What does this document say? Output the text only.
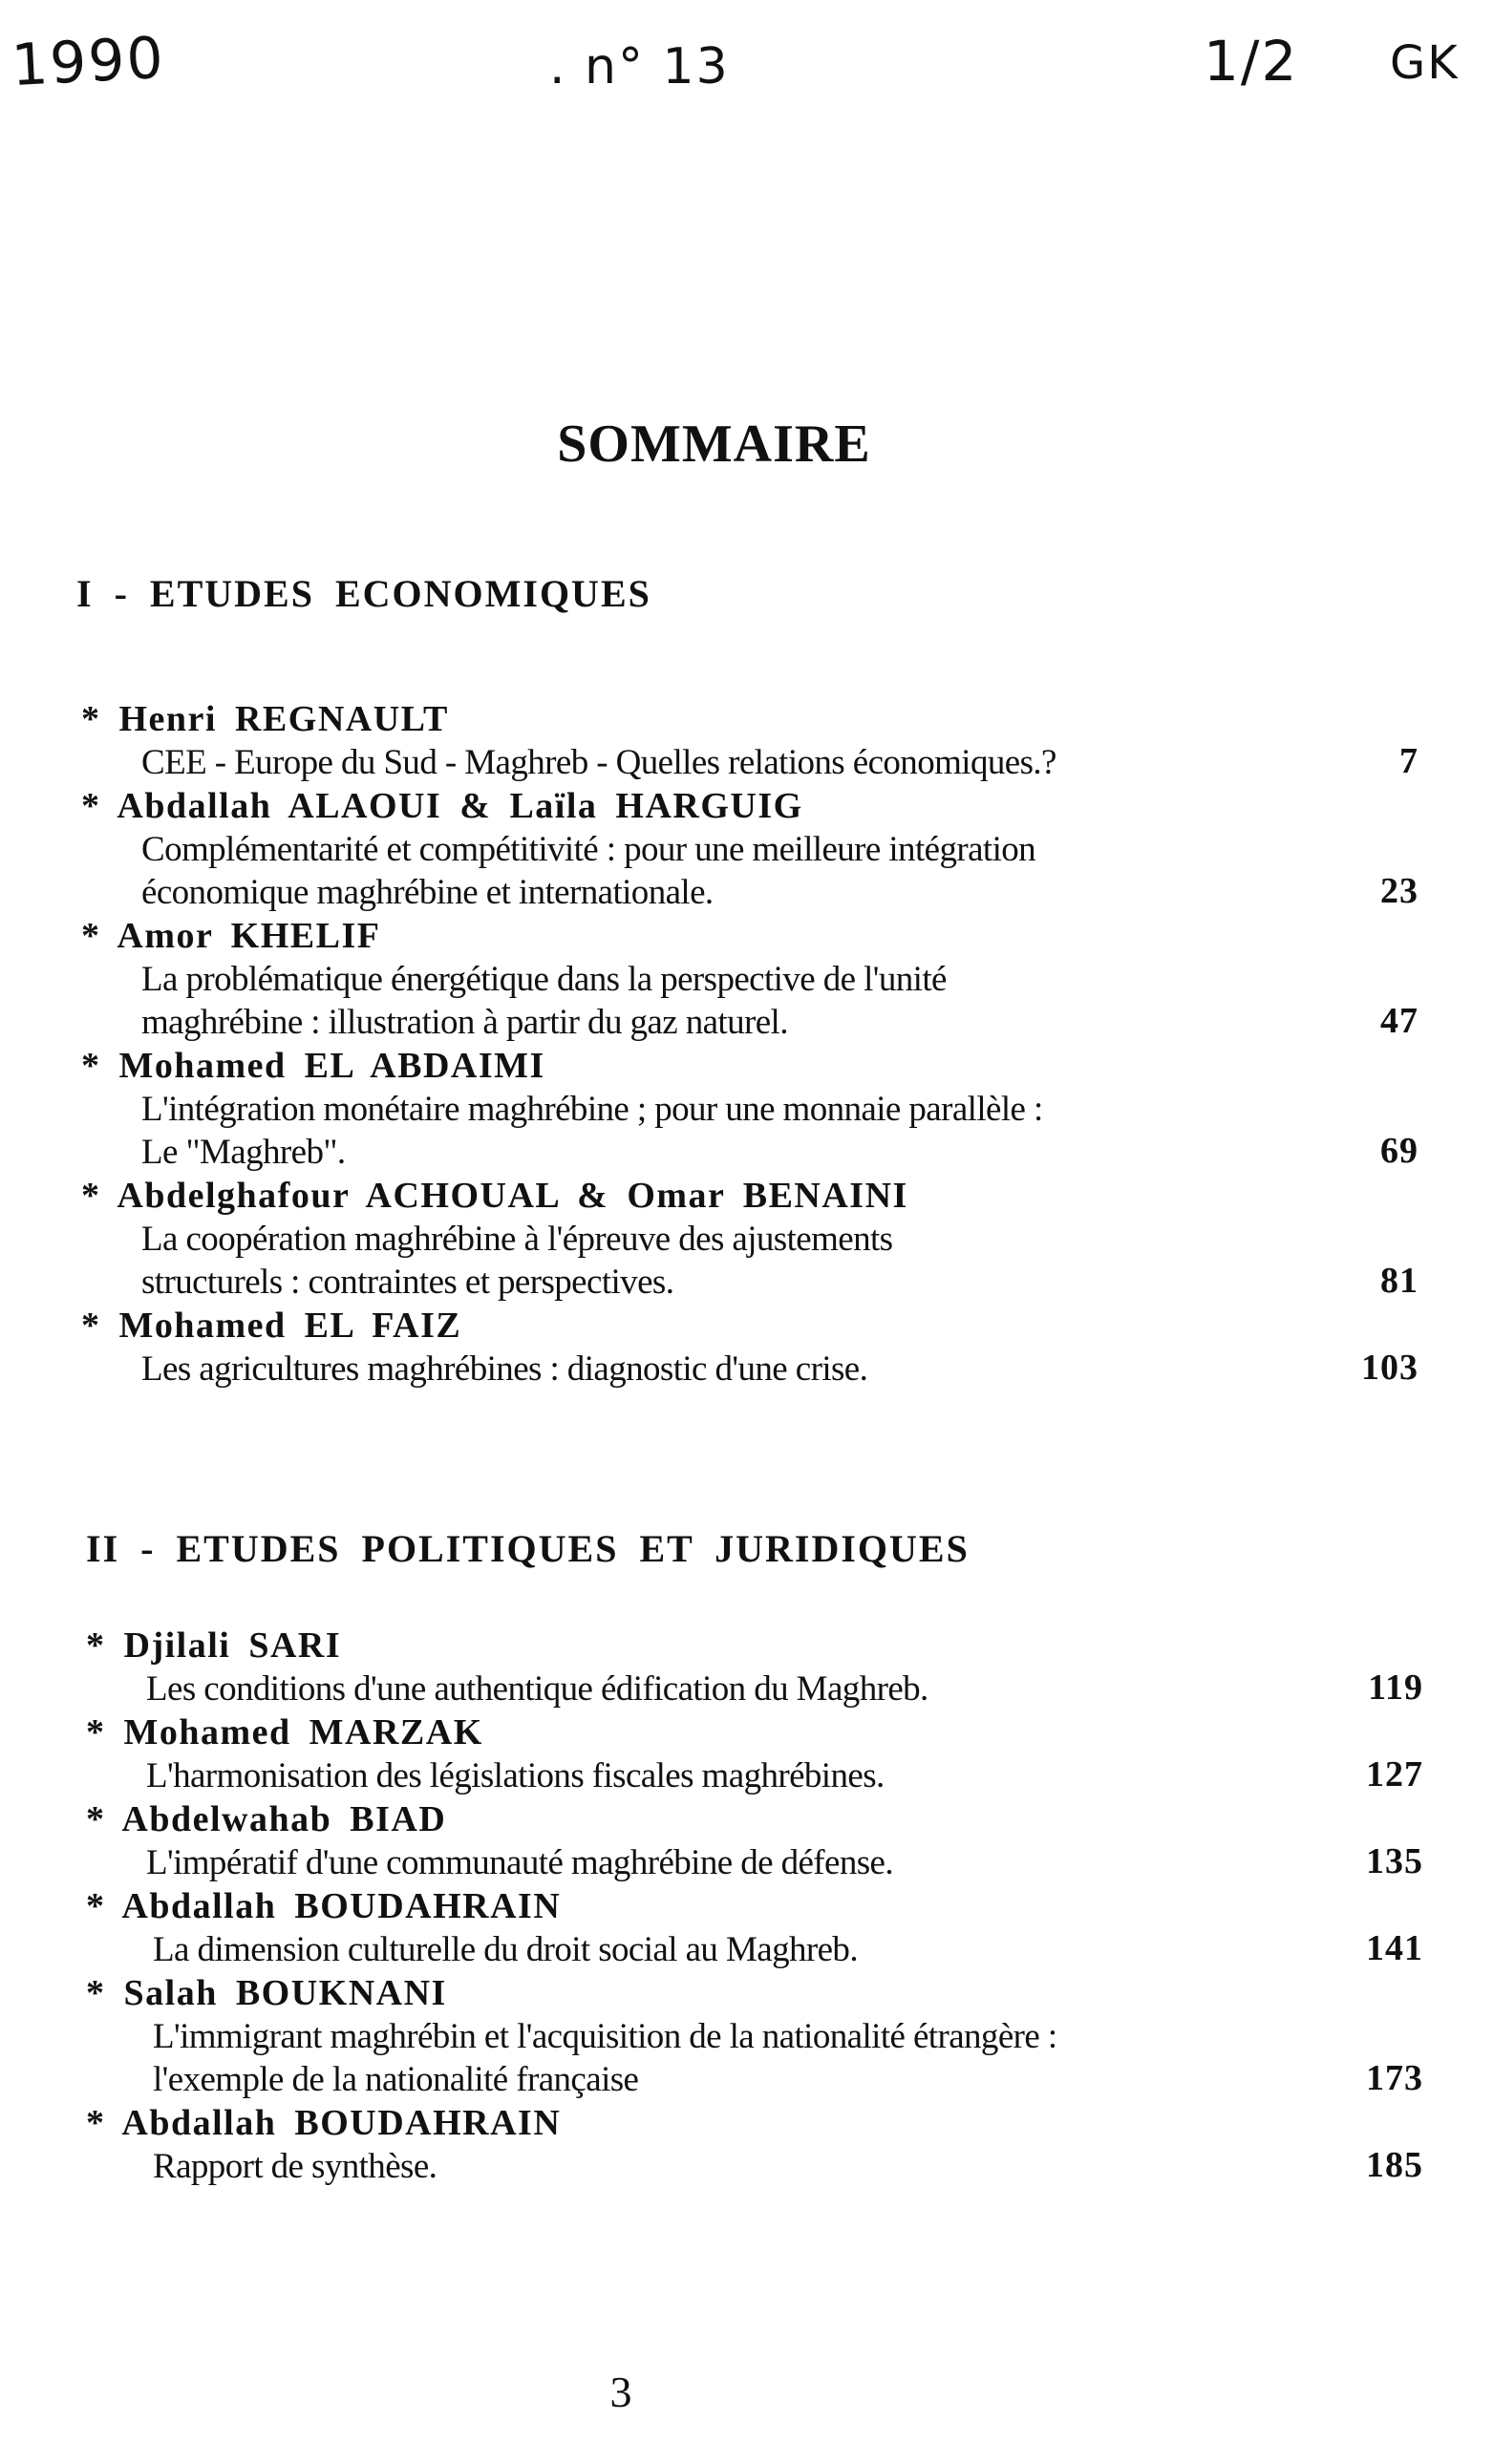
1990	. n° 13	1/2 GK
SOMMAIRE
I - ETUDES ECONOMIQUES
* Henri REGNAULT
CEE - Europe du Sud - Maghreb - Quelles relations économiques.?	7
* Abdallah ALAOUI & Laïla HARGUIG
Complémentarité et compétitivité : pour une meilleure intégration
économique maghrébine et internationale.	23
* Amor KHELIF
La problématique énergétique dans la perspective de l'unité
maghrébine : illustration à partir du gaz naturel.	47
* Mohamed EL ABDAIMI
L'intégration monétaire maghrébine ; pour une monnaie parallèle :
Le "Maghreb".	69
* Abdelghafour ACHOUAL & Omar BENAINI
La coopération maghrébine à l'épreuve des ajustements
structurels : contraintes et perspectives.	81
* Mohamed EL FAIZ
Les agricultures maghrébines : diagnostic d'une crise.	103
II - ETUDES POLITIQUES ET JURIDIQUES
* Djilali SARI
Les conditions d'une authentique édification du Maghreb.	119
* Mohamed MARZAK
L'harmonisation des législations fiscales maghrébines.	127
* Abdelwahab BIAD
L'impératif d'une communauté maghrébine de défense.	135
* Abdallah BOUDAHRAIN
La dimension culturelle du droit social au Maghreb.	141
* Salah BOUKNANI
L'immigrant maghrébin et l'acquisition de la nationalité étrangère :
l'exemple de la nationalité française	173
* Abdallah BOUDAHRAIN
Rapport de synthèse.	185
3
